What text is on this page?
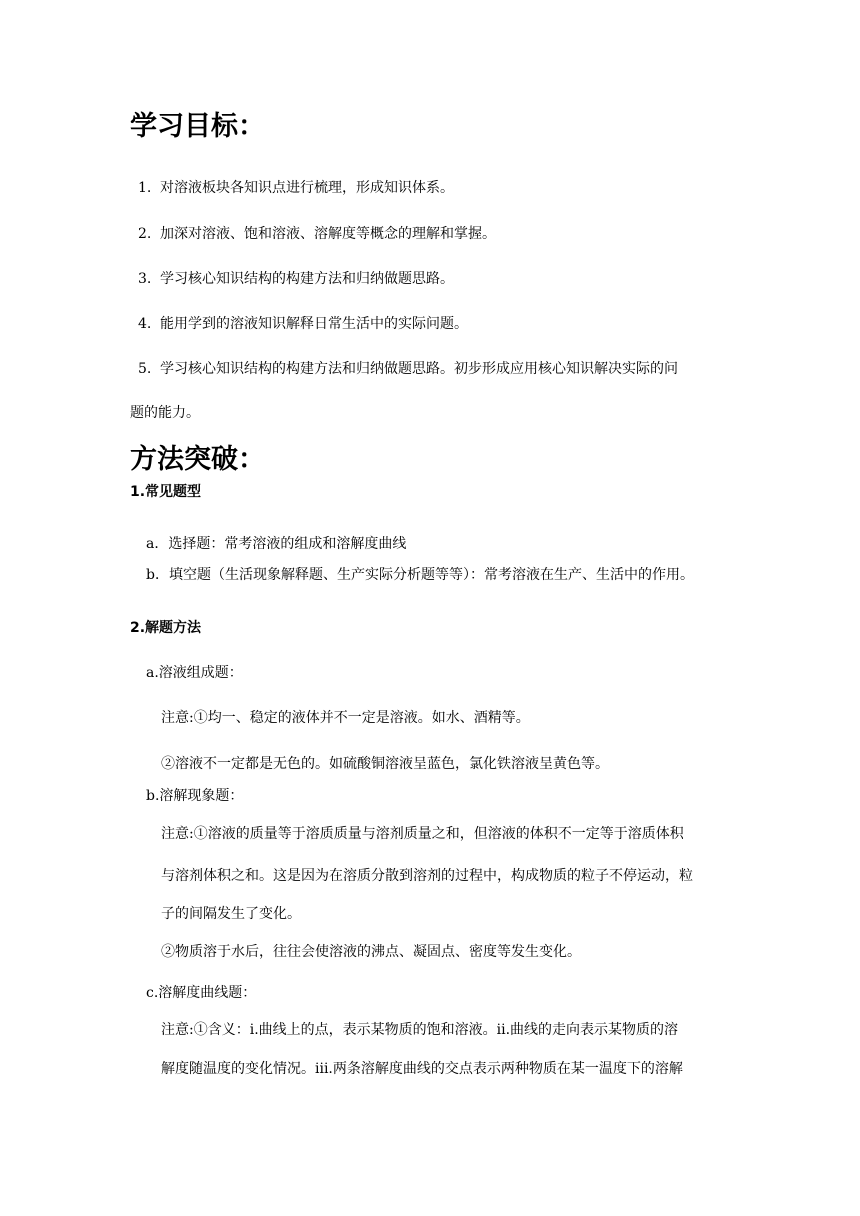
学习目标：
1. 对溶液板块各知识点进行梳理，形成知识体系。
2. 加深对溶液、饱和溶液、溶解度等概念的理解和掌握。
3. 学习核心知识结构的构建方法和归纳做题思路。
4. 能用学到的溶液知识解释日常生活中的实际问题。
5. 学习核心知识结构的构建方法和归纳做题思路。初步形成应用核心知识解决实际的问
题的能力。
方法突破：
1.常见题型
a．选择题：常考溶液的组成和溶解度曲线
b．填空题（生活现象解释题、生产实际分析题等等）：常考溶液在生产、生活中的作用。
2.解题方法
a.溶液组成题：
注意:①均一、稳定的液体并不一定是溶液。如水、酒精等。
②溶液不一定都是无色的。如硫酸铜溶液呈蓝色，氯化铁溶液呈黄色等。
b.溶解现象题：
注意:①溶液的质量等于溶质质量与溶剂质量之和，但溶液的体积不一定等于溶质体积
与溶剂体积之和。这是因为在溶质分散到溶剂的过程中，构成物质的粒子不停运动，粒
子的间隔发生了变化。
②物质溶于水后，往往会使溶液的沸点、凝固点、密度等发生变化。
c.溶解度曲线题：
注意:①含义：i.曲线上的点，表示某物质的饱和溶液。ii.曲线的走向表示某物质的溶
解度随温度的变化情况。iii.两条溶解度曲线的交点表示两种物质在某一温度下的溶解
